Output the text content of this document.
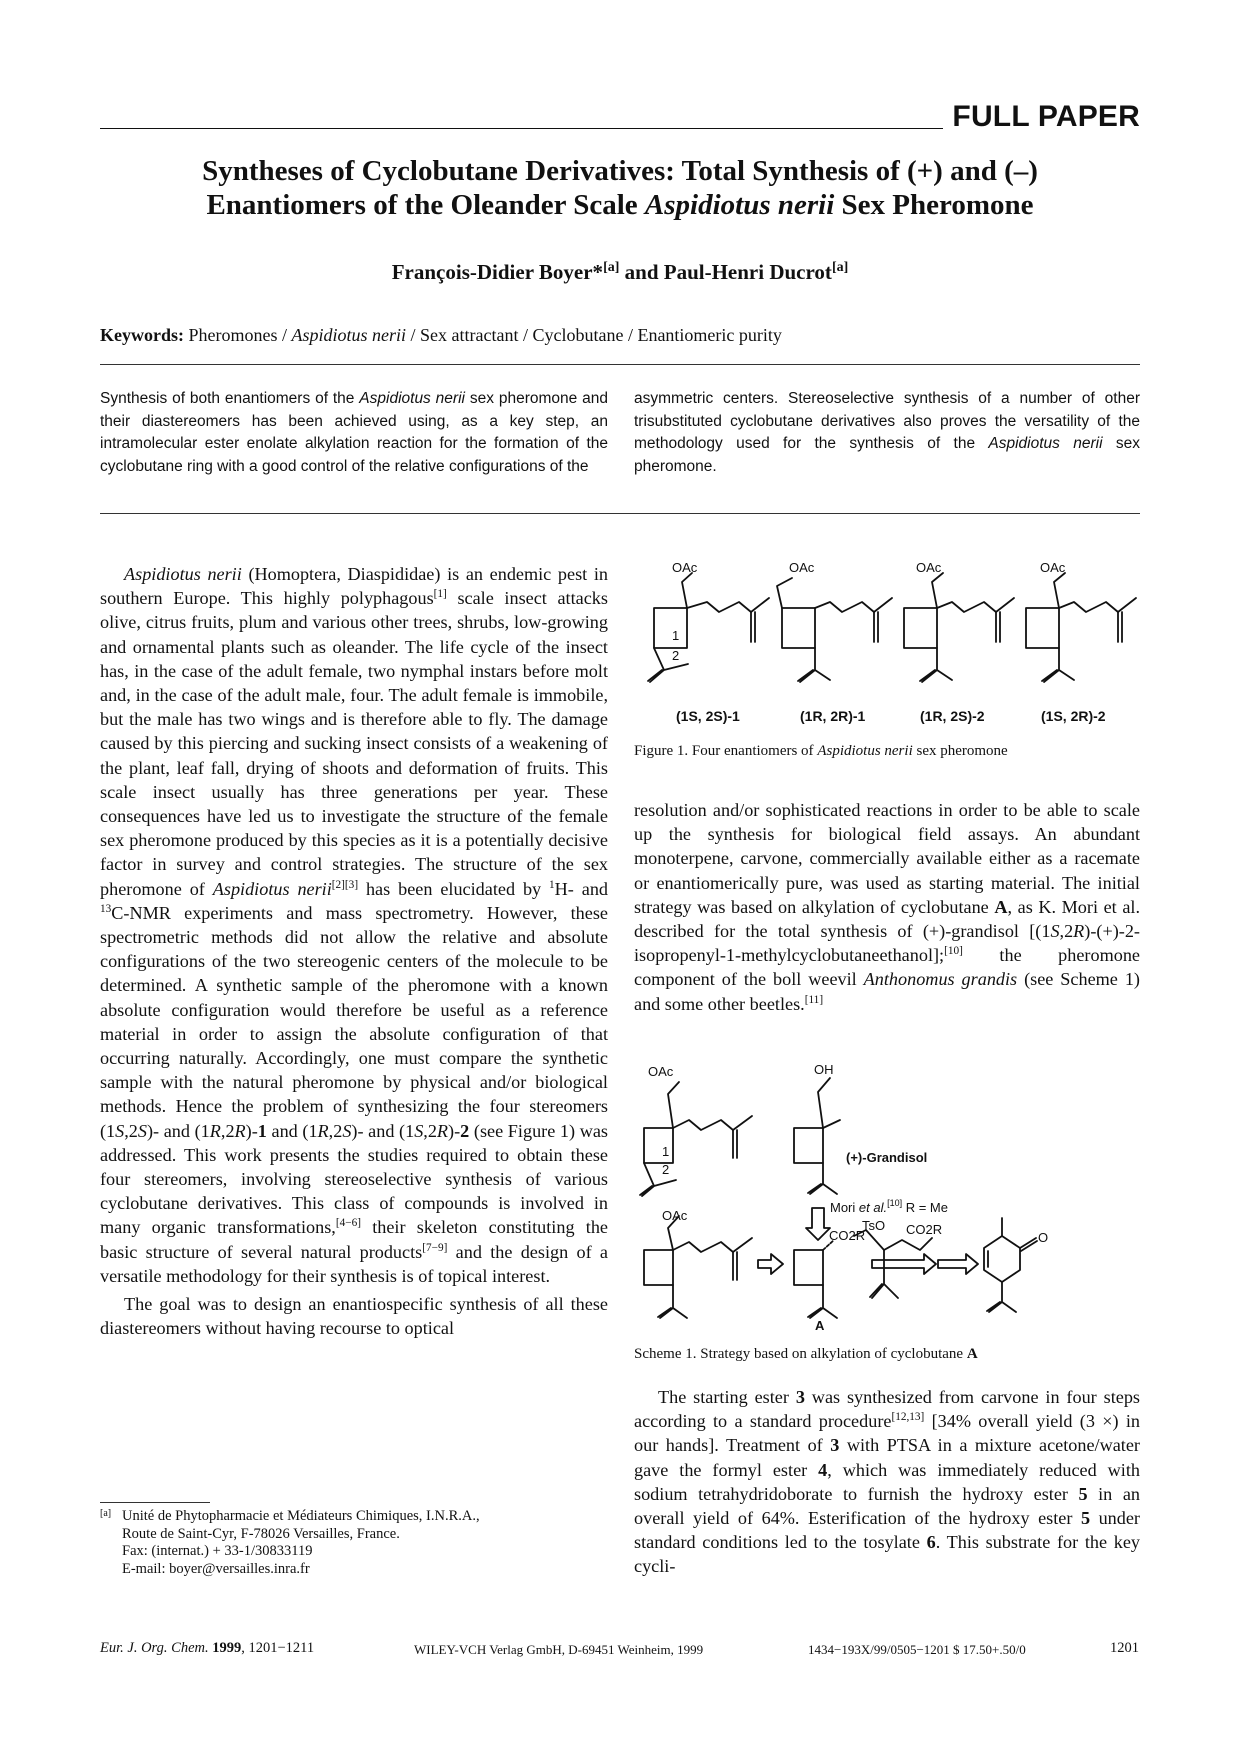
FULL PAPER
Syntheses of Cyclobutane Derivatives: Total Synthesis of (+) and (–)
Enantiomers of the Oleander Scale Aspidiotus nerii Sex Pheromone
François-Didier Boyer*[a] and Paul-Henri Ducrot[a]
Keywords: Pheromones / Aspidiotus nerii / Sex attractant / Cyclobutane / Enantiomeric purity
Synthesis of both enantiomers of the Aspidiotus nerii sex pheromone and their diastereomers has been achieved using, as a key step, an intramolecular ester enolate alkylation reaction for the formation of the cyclobutane ring with a good control of the relative configurations of the
asymmetric centers. Stereoselective synthesis of a number of other trisubstituted cyclobutane derivatives also proves the versatility of the methodology used for the synthesis of the Aspidiotus nerii sex pheromone.

Aspidiotus nerii (Homoptera, Diaspididae) is an endemic pest in southern Europe. This highly polyphagous[1] scale insect attacks olive, citrus fruits, plum and various other trees, shrubs, low-growing and ornamental plants such as oleander. The life cycle of the insect has, in the case of the adult female, two nymphal instars before molt and, in the case of the adult male, four. The adult female is immobile, but the male has two wings and is therefore able to fly. The damage caused by this piercing and sucking insect consists of a weakening of the plant, leaf fall, drying of shoots and deformation of fruits. This scale insect usually has three generations per year. These consequences have led us to investigate the structure of the female sex pheromone produced by this species as it is a potentially decisive factor in survey and control strategies. The structure of the sex pheromone of Aspidiotus nerii[2][3] has been elucidated by $^1$H- and $^{13}$C-NMR experiments and mass spectrometry. However, these spectrometric methods did not allow the relative and absolute configurations of the two stereogenic centers of the molecule to be determined. A synthetic sample of the pheromone with a known absolute configuration would therefore be useful as a reference material in order to assign the absolute configuration of that occurring naturally. Accordingly, one must compare the synthetic sample with the natural pheromone by physical and/or biological methods. Hence the problem of synthesizing the four stereomers (1S,2S)- and (1R,2R)-1 and (1R,2S)- and (1S,2R)-2 (see Figure 1) was addressed. This work presents the studies required to obtain these four stereomers, involving stereoselective synthesis of various cyclobutane derivatives. This class of compounds is involved in many organic transformations,[4−6] their skeleton constituting the basic structure of several natural products[7−9] and the design of a versatile methodology for their synthesis is of topical interest.

The goal was to design an enantiospecific synthesis of all these diastereomers without having recourse to optical

[a] Unité de Phytopharmacie et Médiateurs Chimiques, I.N.R.A.,
Route de Saint-Cyr, F-78026 Versailles, France.
Fax: (internat.) + 33-1/30833119
E-mail: boyer@versailles.inra.fr
OAc	OAc	OAc	OAc
1
2
(1S, 2S)-1	(1R, 2R)-1	(1R, 2S)-2	(1S, 2R)-2
Figure 1. Four enantiomers of Aspidiotus nerii sex pheromone

resolution and/or sophisticated reactions in order to be able to scale up the synthesis for biological field assays. An abundant monoterpene, carvone, commercially available either as a racemate or enantiomerically pure, was used as starting material. The initial strategy was based on alkylation of cyclobutane A, as K. Mori et al. described for the total synthesis of (+)-grandisol [(1S,2R)-(+)-2-isopropenyl-1-methylcyclobutaneethanol];[10] the pheromone component of the boll weevil Anthonomus grandis (see Scheme 1) and some other beetles.[11]

OAc	OH
1
2
OAc
CO2R
Mori et al.[10] R = Me
TsO CO2R
O
(+)-Grandisol
A
Scheme 1. Strategy based on alkylation of cyclobutane A

The starting ester 3 was synthesized from carvone in four steps according to a standard procedure[12,13] [34% overall yield (3 ×) in our hands]. Treatment of 3 with PTSA in a mixture acetone/water gave the formyl ester 4, which was immediately reduced with sodium tetrahydridoborate to furnish the hydroxy ester 5 in an overall yield of 64%. Esterification of the hydroxy ester 5 under standard conditions led to the tosylate 6. This substrate for the key cycli-

Eur. J. Org. Chem. 1999, 1201−1211	WILEY-VCH Verlag GmbH, D-69451 Weinheim, 1999	1434−193X/99/0505−1201 $ 17.50+.50/0	1201
